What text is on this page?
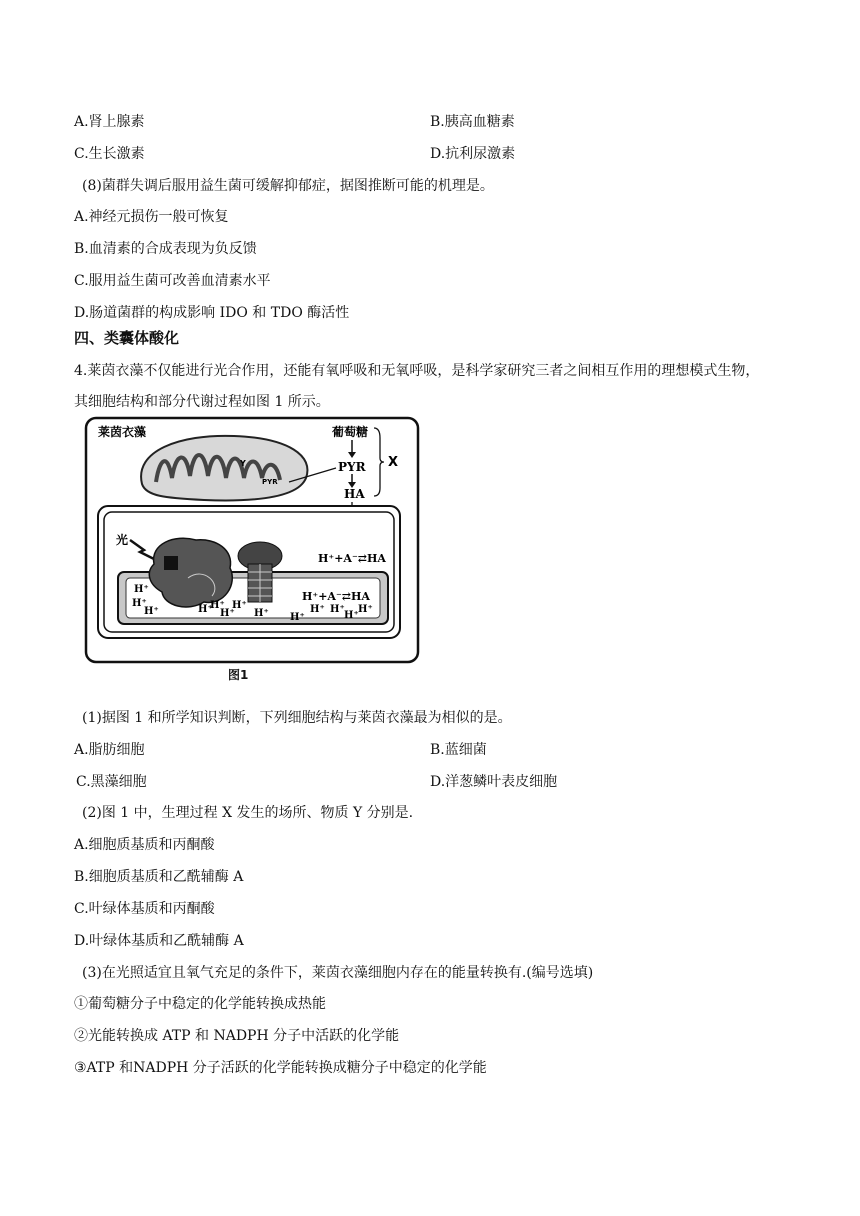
A.肾上腺素	B.胰高血糖素
C.生长激素	D.抗利尿激素
(8)菌群失调后服用益生菌可缓解抑郁症，据图推断可能的机理是。
A.神经元损伤一般可恢复
B.血清素的合成表现为负反馈
C.服用益生菌可改善血清素水平
D.肠道菌群的构成影响 IDO 和 TDO 酶活性
四、类囊体酸化
4.莱茵衣藻不仅能进行光合作用，还能有氧呼吸和无氧呼吸，是科学家研究三者之间相互作用的理想模式生物，
其细胞结构和部分代谢过程如图 1 所示。
莱茵衣藻
Y
PYR
葡萄糖
PYR
HA
X
H⁺+A⁻⇄HA
光
H⁺
H⁺
H⁺	H⁺
H⁺
H⁺
H⁺
H⁺ H⁺
H⁺ H⁺
H⁺
H⁺
H⁺+A⁻⇄HA
图1
(1)据图 1 和所学知识判断，下列细胞结构与莱茵衣藻最为相似的是。
A.脂肪细胞	B.蓝细菌
C.黑藻细胞	D.洋葱鳞叶表皮细胞
(2)图 1 中，生理过程 X 发生的场所、物质 Y 分别是.
A.细胞质基质和丙酮酸
B.细胞质基质和乙酰辅酶 A
C.叶绿体基质和丙酮酸
D.叶绿体基质和乙酰辅酶 A
(3)在光照适宜且氧气充足的条件下，莱茵衣藻细胞内存在的能量转换有.(编号选填)
①葡萄糖分子中稳定的化学能转换成热能
②光能转换成 ATP 和 NADPH 分子中活跃的化学能
③ATP 和NADPH 分子活跃的化学能转换成糖分子中稳定的化学能
